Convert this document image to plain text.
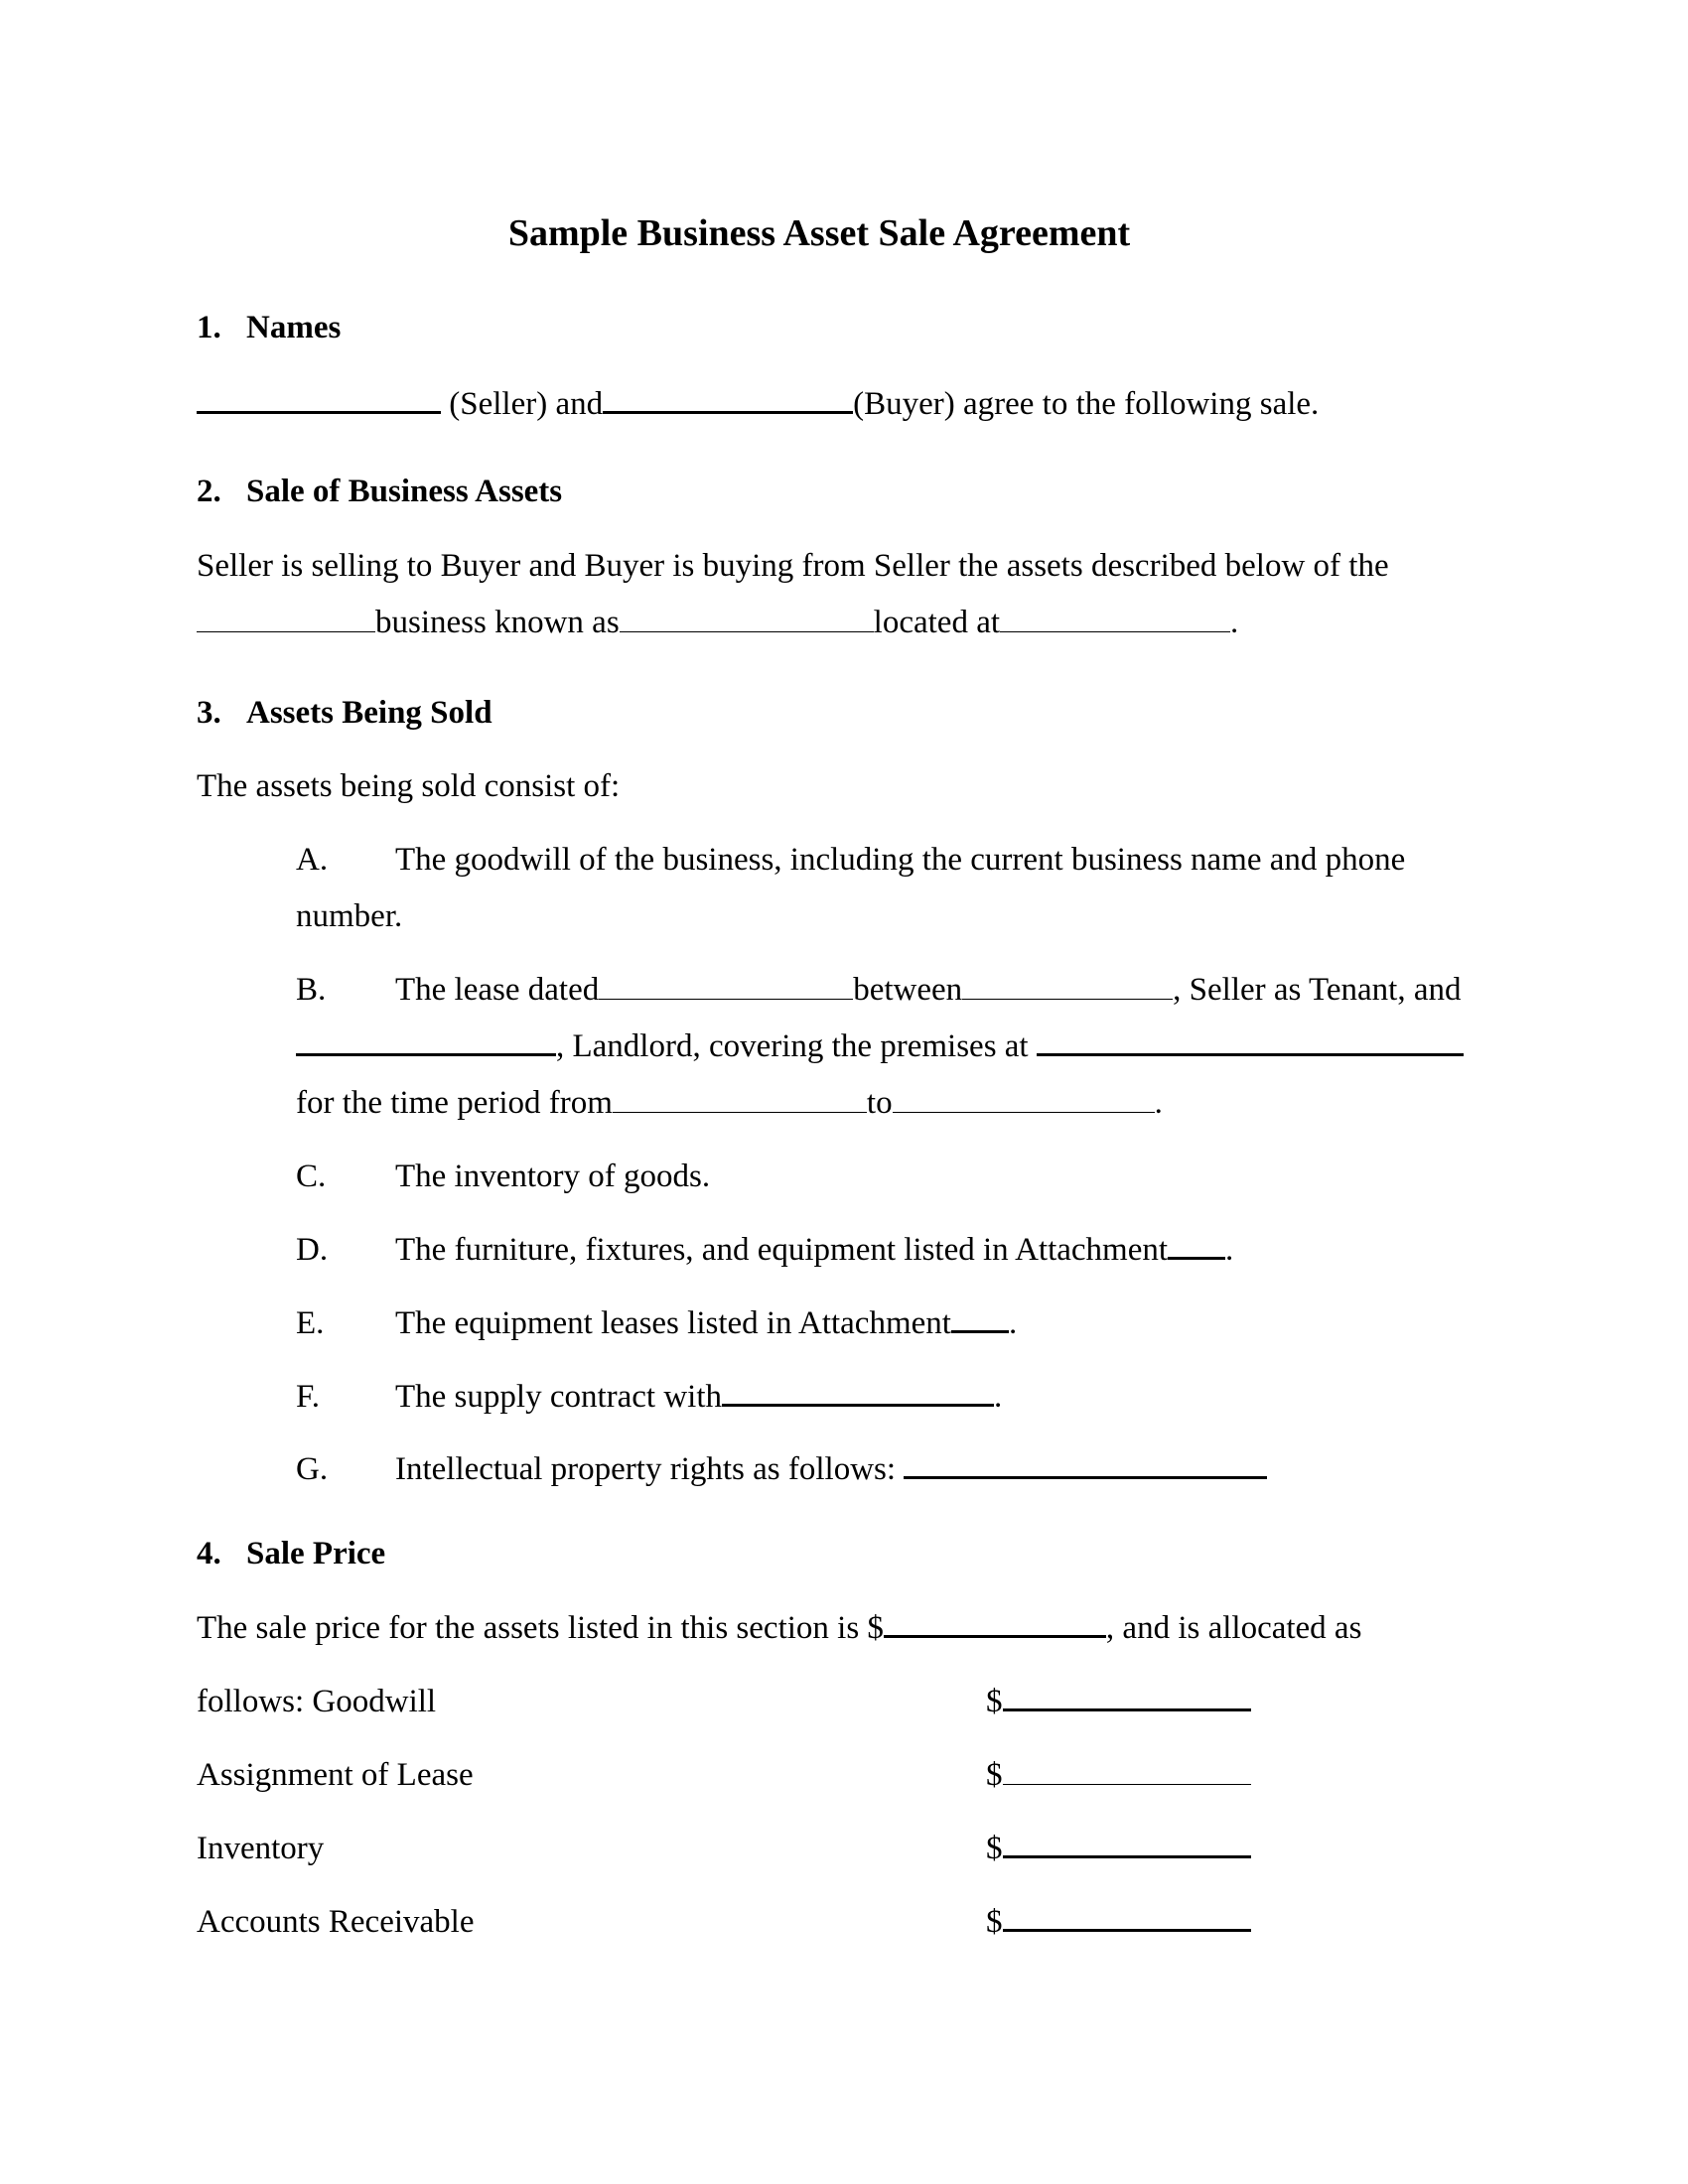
Sample Business Asset Sale Agreement
1. Names
(Seller) and	(Buyer) agree to the following sale.
2. Sale of Business Assets
Seller is selling to Buyer and Buyer is buying from Seller the assets described below of the
business known as	located at	.
3. Assets Being Sold
The assets being sold consist of:
A. The goodwill of the business, including the current business name and phone
number.
B. The lease dated	between	, Seller as Tenant, and
, Landlord, covering the premises at
for the time period from	to	.
C. The inventory of goods.
D. The furniture, fixtures, and equipment listed in Attachment .
E. The equipment leases listed in Attachment .
F. The supply contract with	.
G. Intellectual property rights as follows:
4. Sale Price
The sale price for the assets listed in this section is $	, and is allocated as
follows: Goodwill	$
Assignment of Lease	$
Inventory	$
Accounts Receivable	$
